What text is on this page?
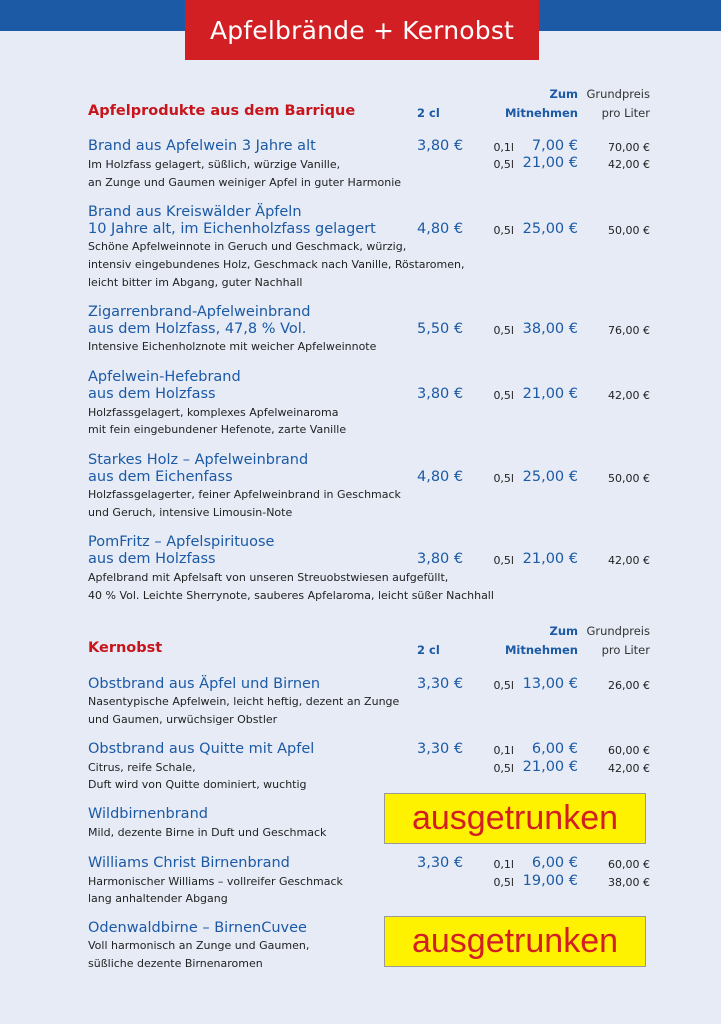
Apfelbrände + Kernobst
Zum Grundpreis
Apfelprodukte aus dem Barrique	2 cl	Mitnehmen	pro Liter
Brand aus Apfelwein 3 Jahre alt	3,80 €	0,1l	7,00 €	70,00 €
0,5l 21,00 €	42,00 €
Im Holzfass gelagert, süßlich, würzige Vanille,
an Zunge und Gaumen weiniger Apfel in guter Harmonie
Brand aus Kreiswälder Äpfeln
10 Jahre alt, im Eichenholzfass gelagert	4,80 €	0,5l 25,00 €	50,00 €
Schöne Apfelweinnote in Geruch und Geschmack, würzig,
intensiv eingebundenes Holz, Geschmack nach Vanille, Röstaromen,
leicht bitter im Abgang, guter Nachhall
Zigarrenbrand-Apfelweinbrand
aus dem Holzfass, 47,8 % Vol.	5,50 €	0,5l 38,00 €	76,00 €
Intensive Eichenholznote mit weicher Apfelweinnote
Apfelwein-Hefebrand
aus dem Holzfass	3,80 €	0,5l 21,00 €	42,00 €
Holzfassgelagert, komplexes Apfelweinaroma
mit fein eingebundener Hefenote, zarte Vanille
Starkes Holz – Apfelweinbrand
aus dem Eichenfass	4,80 €	0,5l 25,00 €	50,00 €
Holzfassgelagerter, feiner Apfelweinbrand in Geschmack
und Geruch, intensive Limousin-Note
PomFritz – Apfelspirituose
aus dem Holzfass	3,80 €	0,5l 21,00 €	42,00 €
Apfelbrand mit Apfelsaft von unseren Streuobstwiesen aufgefüllt,
40 % Vol. Leichte Sherrynote, sauberes Apfelaroma, leicht süßer Nachhall
Zum Grundpreis
Kernobst	2 cl	Mitnehmen	pro Liter
Obstbrand aus Äpfel und Birnen	3,30 €	0,5l 13,00 €	26,00 €
Nasentypische Apfelwein, leicht heftig, dezent an Zunge
und Gaumen, urwüchsiger Obstler
Obstbrand aus Quitte mit Apfel	3,30 €	0,1l	6,00 €	60,00 €
0,5l 21,00 €	42,00 €
Citrus, reife Schale,
Duft wird von Quitte dominiert, wuchtig
Wildbirnenbrand
Mild, dezente Birne in Duft und Geschmack	ausgetrunken
Williams Christ Birnenbrand	3,30 €	0,1l	6,00 €	60,00 €
0,5l 19,00 €	38,00 €
Harmonischer Williams – vollreifer Geschmack
lang anhaltender Abgang
Odenwaldbirne – BirnenCuvee
Voll harmonisch an Zunge und Gaumen,
süßliche dezente Birnenaromen
ausgetrunken
